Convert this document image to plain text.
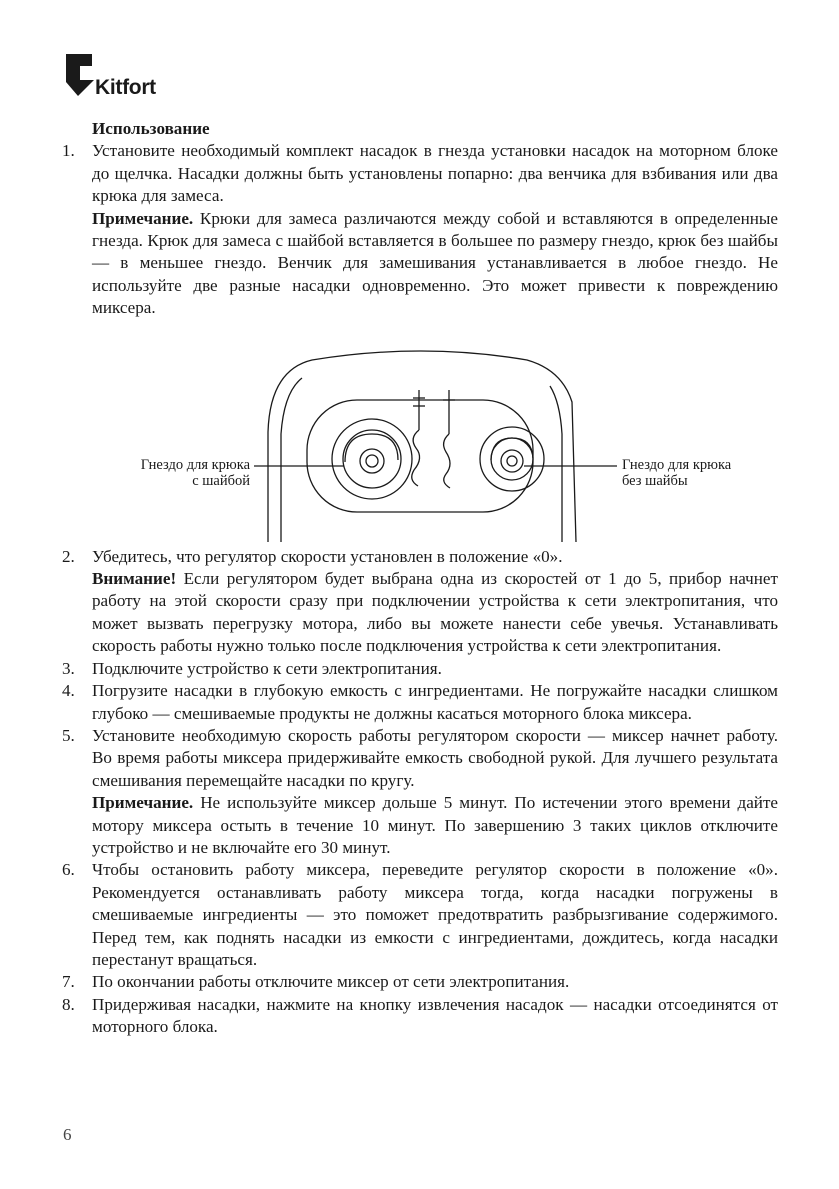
Kitfort
Использование
1. Установите необходимый комплект насадок в гнезда установки насадок на моторном блоке до щелчка. Насадки должны быть установлены попарно: два венчика для взбивания или два крюка для замеса.
Примечание. Крюки для замеса различаются между собой и вставляются в определенные гнезда. Крюк для замеса с шайбой вставляется в большее по размеру гнездо, крюк без шайбы — в меньшее гнездо. Венчик для замешивания устанавливается в любое гнездо. Не используйте две разные насадки одновременно. Это может привести к повреждению миксера.
Гнездо для крюка
с шайбой
Гнездо для крюка
без шайбы
2. Убедитесь, что регулятор скорости установлен в положение «0».
Внимание! Если регулятором будет выбрана одна из скоростей от 1 до 5, прибор начнет работу на этой скорости сразу при подключении устройства к сети электропитания, что может вызвать перегрузку мотора, либо вы можете нанести себе увечья. Устанавливать скорость работы нужно только после подключения устройства к сети электропитания.
3. Подключите устройство к сети электропитания.
4. Погрузите насадки в глубокую емкость с ингредиентами. Не погружайте насадки слишком глубоко — смешиваемые продукты не должны касаться моторного блока миксера.
5. Установите необходимую скорость работы регулятором скорости — миксер начнет работу. Во время работы миксера придерживайте емкость свободной рукой. Для лучшего результата смешивания перемещайте насадки по кругу.
Примечание. Не используйте миксер дольше 5 минут. По истечении этого времени дайте мотору миксера остыть в течение 10 минут. По завершению 3 таких циклов отключите устройство и не включайте его 30 минут.
6. Чтобы остановить работу миксера, переведите регулятор скорости в положение «0». Рекомендуется останавливать работу миксера тогда, когда насадки погружены в смешиваемые ингредиенты — это поможет предотвратить разбрызгивание содержимого. Перед тем, как поднять насадки из емкости с ингредиентами, дождитесь, когда насадки перестанут вращаться.
7. По окончании работы отключите миксер от сети электропитания.
8. Придерживая насадки, нажмите на кнопку извлечения насадок — насадки отсоединятся от моторного блока.
6
